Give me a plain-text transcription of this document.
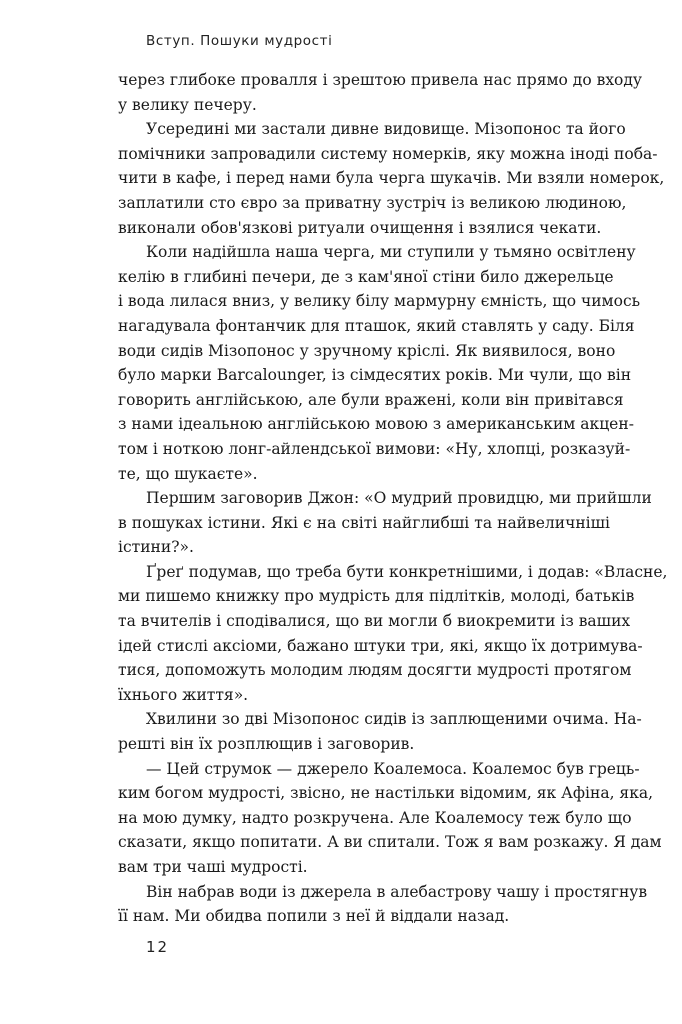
Вступ. Пошуки мудрості

через глибоке провалля і зрештою привела нас прямо до входу
у велику печеру.

Усередині ми застали дивне видовище. Мізопонос та його
помічники запровадили систему номерків, яку можна іноді поба-
чити в кафе, і перед нами була черга шукачів. Ми взяли номерок,
заплатили сто євро за приватну зустріч із великою людиною,
виконали обов'язкові ритуали очищення і взялися чекати.

Коли надійшла наша черга, ми ступили у тьмяно освітлену
келію в глибині печери, де з кам'яної стіни било джерельце
і вода лилася вниз, у велику білу мармурну ємність, що чимось
нагадувала фонтанчик для пташок, який ставлять у саду. Біля
води сидів Мізопонос у зручному кріслі. Як виявилося, воно
було марки Barcalounger, із сімдесятих років. Ми чули, що він
говорить англійською, але були вражені, коли він привітався
з нами ідеальною англійською мовою з американським акцен-
том і ноткою лонг-айлендської вимови: «Ну, хлопці, розказуй-
те, що шукаєте».

Першим заговорив Джон: «О мудрий провидцю, ми прийшли
в пошуках істини. Які є на світі найглибші та найвеличніші
істини?».

Ґреґ подумав, що треба бути конкретнішими, і додав: «Власне,
ми пишемо книжку про мудрість для підлітків, молоді, батьків
та вчителів і сподівалися, що ви могли б виокремити із ваших
ідей стислі аксіоми, бажано штуки три, які, якщо їх дотримува-
тися, допоможуть молодим людям досягти мудрості протягом
їхнього життя».

Хвилини зо дві Мізопонос сидів із заплющеними очима. На-
решті він їх розплющив і заговорив.

— Цей струмок — джерело Коалемоса. Коалемос був грець-
ким богом мудрості, звісно, не настільки відомим, як Афіна, яка,
на мою думку, надто розкручена. Але Коалемосу теж було що
сказати, якщо попитати. А ви спитали. Тож я вам розкажу. Я дам
вам три чаші мудрості.

Він набрав води із джерела в алебастрову чашу і простягнув
її нам. Ми обидва попили з неї й віддали назад.

12
